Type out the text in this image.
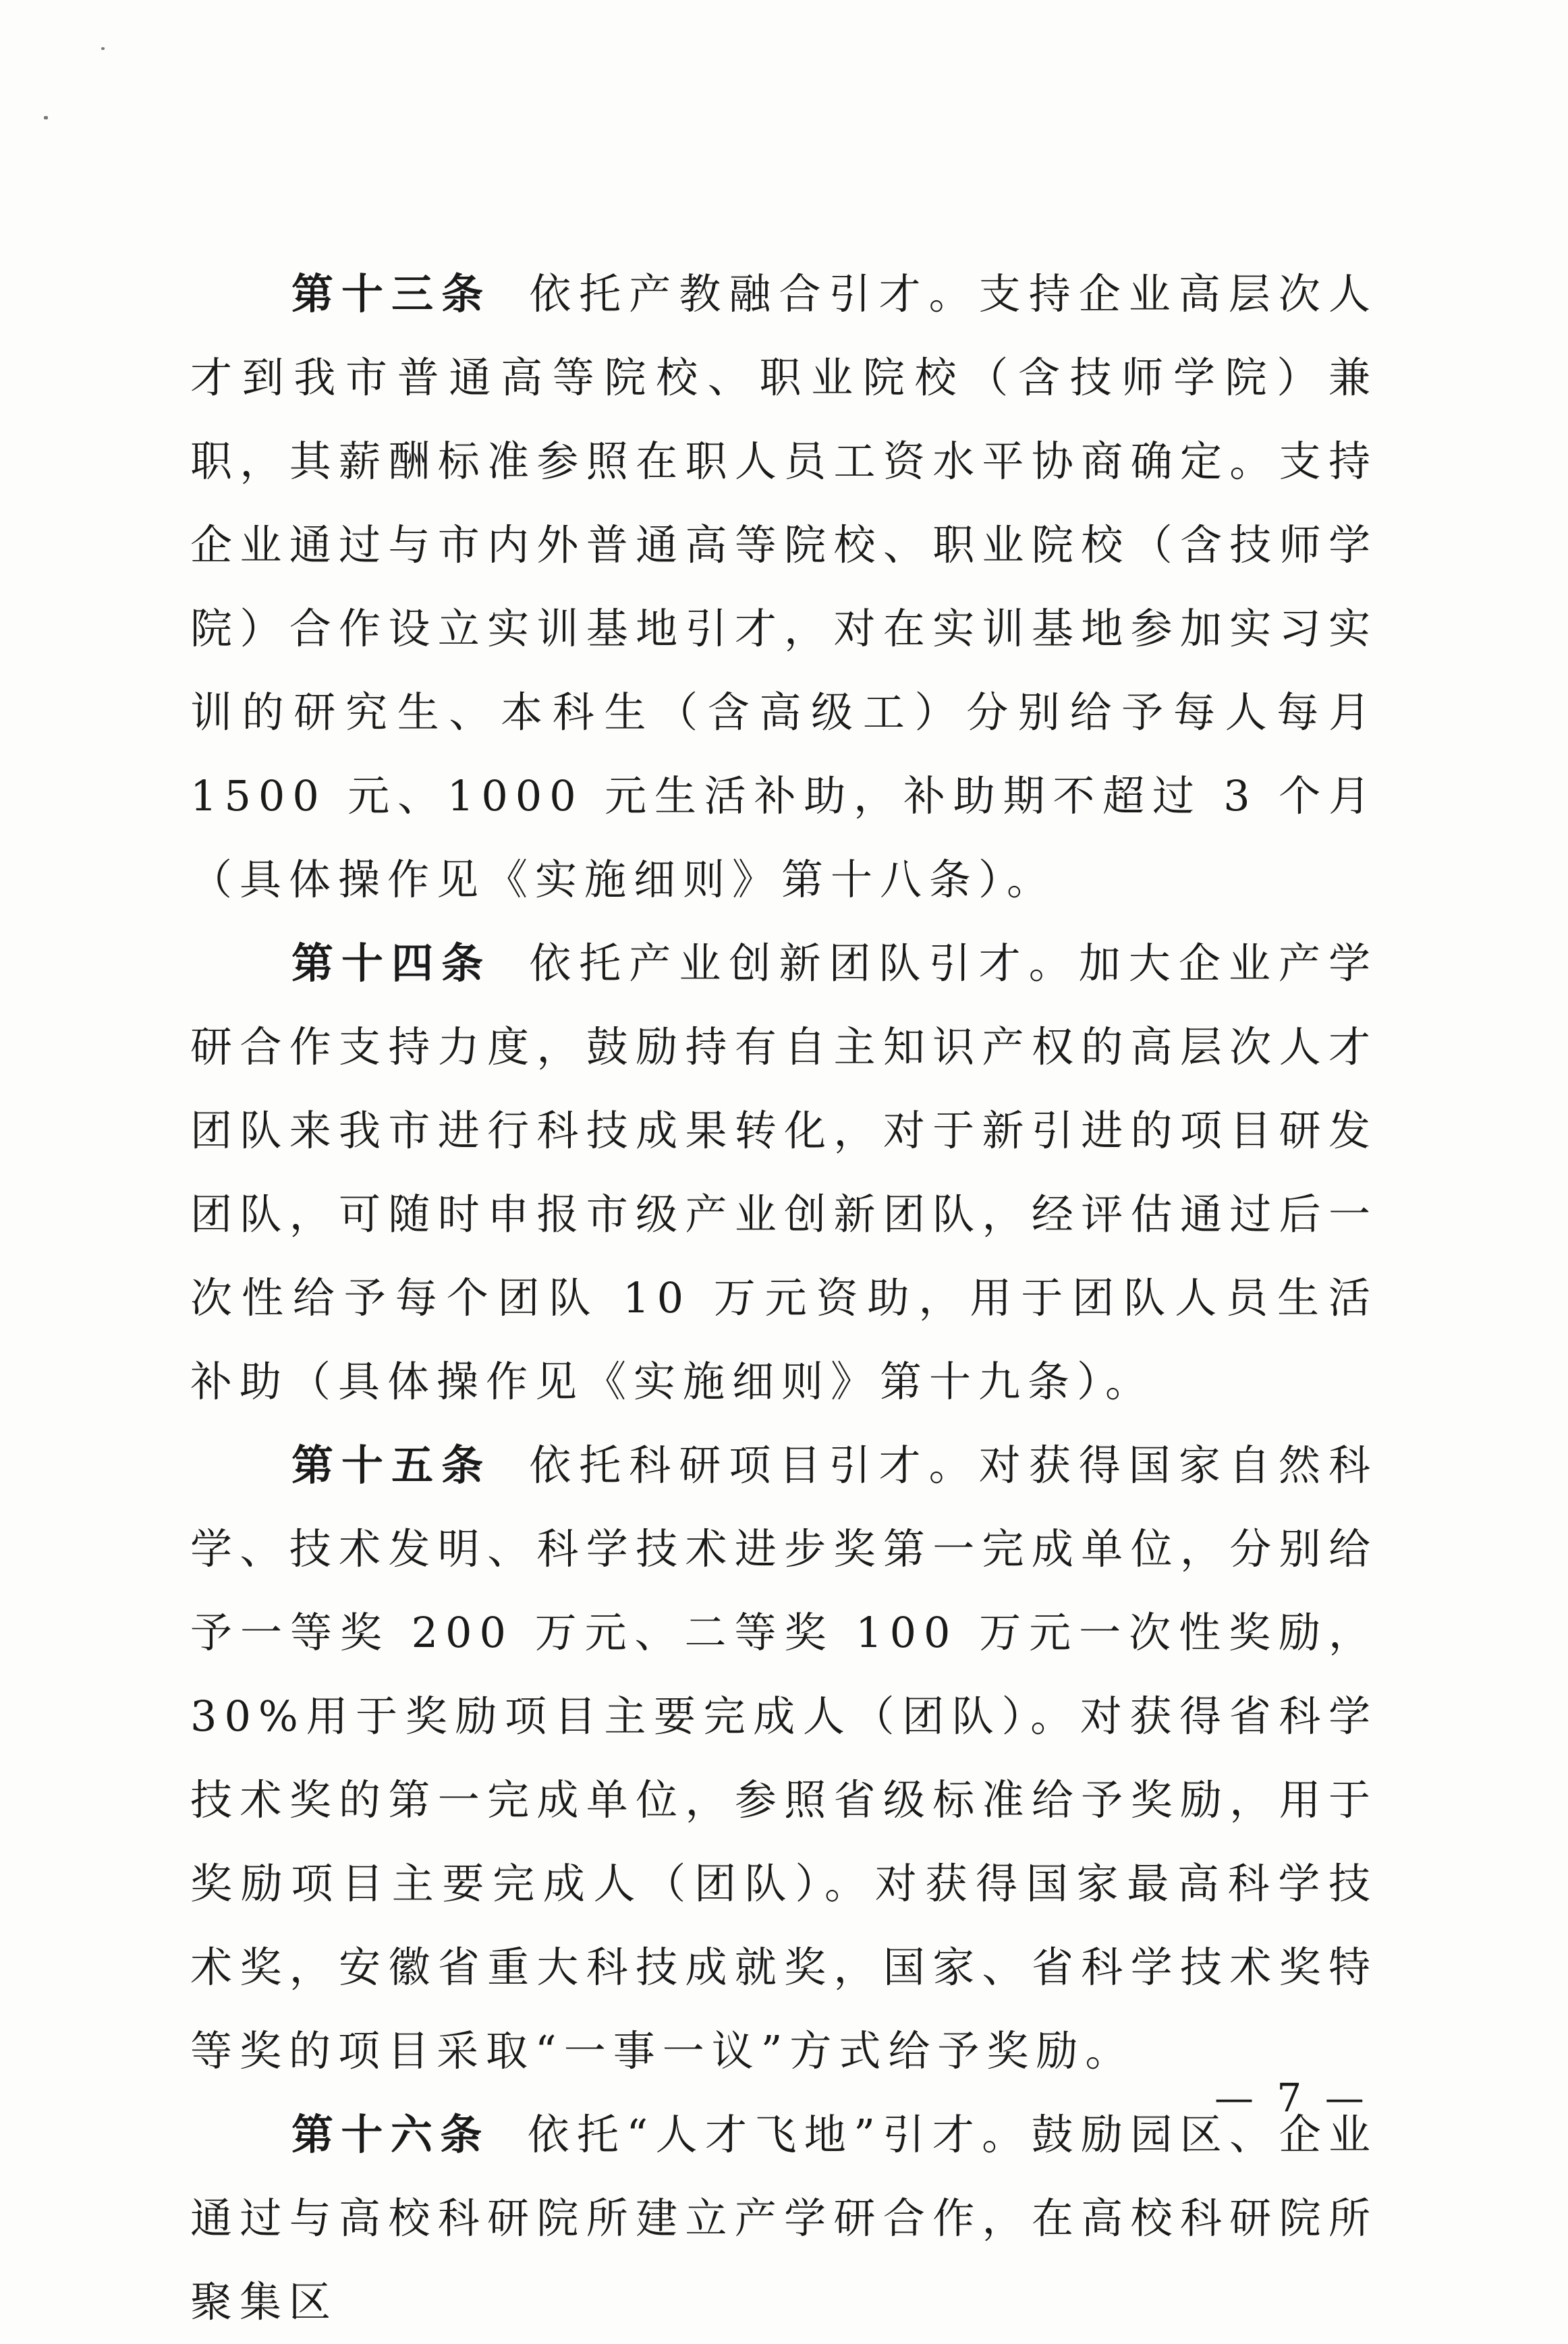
第十三条 依托产教融合引才。支持企业高层次人才到我市普通高等院校、职业院校（含技师学院）兼职，其薪酬标准参照在职人员工资水平协商确定。支持企业通过与市内外普通高等院校、职业院校（含技师学院）合作设立实训基地引才，对在实训基地参加实习实训的研究生、本科生（含高级工）分别给予每人每月 1500 元、1000 元生活补助，补助期不超过 3 个月（具体操作见《实施细则》第十八条）。

第十四条 依托产业创新团队引才。加大企业产学研合作支持力度，鼓励持有自主知识产权的高层次人才团队来我市进行科技成果转化，对于新引进的项目研发团队，可随时申报市级产业创新团队，经评估通过后一次性给予每个团队 10 万元资助，用于团队人员生活补助（具体操作见《实施细则》第十九条）。

第十五条 依托科研项目引才。对获得国家自然科学、技术发明、科学技术进步奖第一完成单位，分别给予一等奖 200 万元、二等奖 100 万元一次性奖励，30%用于奖励项目主要完成人（团队）。对获得省科学技术奖的第一完成单位，参照省级标准给予奖励，用于奖励项目主要完成人（团队）。对获得国家最高科学技术奖，安徽省重大科技成就奖，国家、省科学技术奖特等奖的项目采取“一事一议”方式给予奖励。

第十六条 依托“人才飞地”引才。鼓励园区、企业通过与高校科研院所建立产学研合作，在高校科研院所聚集区

— 7 —
